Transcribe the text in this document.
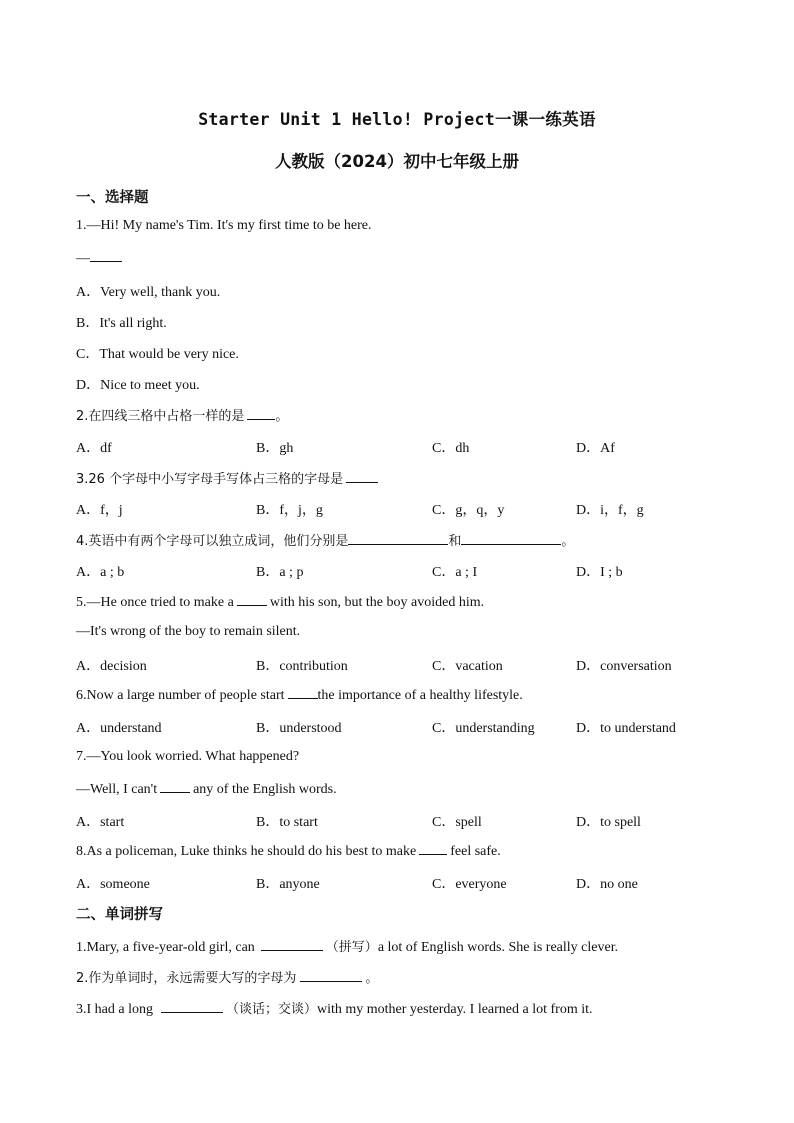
Starter Unit 1 Hello! Project一课一练英语
人教版（2024）初中七年级上册
一、选择题
1.—Hi! My name's Tim. It's my first time to be here.
—
A．Very well, thank you.
B．It's all right.
C．That would be very nice.
D．Nice to meet you.
2.在四线三格中占格一样的是 。
A．df	B．gh	C．dh	D．Af
3.26 个字母中小写字母手写体占三格的字母是
A．f，j	B．f，j，g	C．g，q，y	D．i，f，g
4.英语中有两个字母可以独立成词，他们分别是	和	。
A．a ; b	B．a ; p	C．a ; I	D．I ; b
5.—He once tried to make a	with his son, but the boy avoided him.
—It's wrong of the boy to remain silent.
A．decision	B．contribution	C．vacation	D．conversation
6.Now a large number of people start the importance of a healthy lifestyle.
A．understand	B．understood	C．understanding	D．to understand
7.—You look worried. What happened?
—Well, I can't	any of the English words.
A．start	B．to start	C．spell	D．to spell
8.As a policeman, Luke thinks he should do his best to make feel safe.
A．someone	B．anyone	C．everyone	D．no one
二、单词拼写
1.Mary, a five-year-old girl, can	（拼写）a lot of English words. She is really clever.
2.作为单词时，永远需要大写的字母为	。
3.I had a long	（谈话；交谈）with my mother yesterday. I learned a lot from it.
